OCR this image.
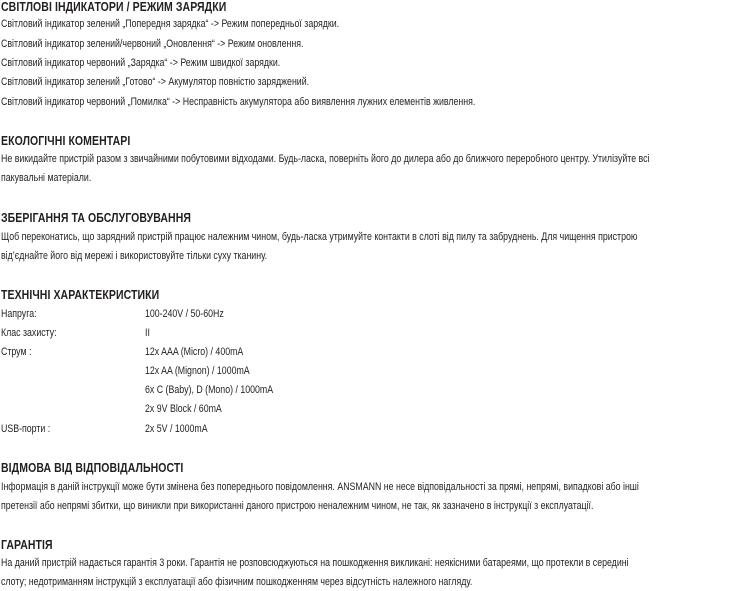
СВІТЛОВІ ІНДИКАТОРИ / РЕЖИМ ЗАРЯДКИ
Світловий індикатор зелений „Попередня зарядка“ -> Режим попередньої зарядки.
Світловий індикатор зелений/червоний „Оновлення“ -> Режим оновлення.
Світловий індикатор червоний „Зарядка“ -> Режим швидкої зарядки.
Світловий індикатор зелений „Готово“ -> Акумулятор повністю заряджений.
Світловий індикатор червоний „Помилка“ -> Несправність акумулятора або виявлення лужних елементів живлення.
ЕКОЛОГІЧНІ КОМЕНТАРІ
Не викидайте пристрій разом з звичайними побутовими відходами. Будь-ласка, поверніть його до дилера або до ближчого переробного центру. Утилізуйте всі
пакувальні матеріали.
ЗБЕРІГАННЯ ТА ОБСЛУГОВУВАННЯ
Щоб переконатись, що зарядний пристрій працює належним чином, будь-ласка утримуйте контакти в слоті від пилу та забруднень. Для чищення пристрою
від’єднайте його від мережі і використовуйте тільки суху тканину.
ТЕХНІЧНІ ХАРАКТЕКРИСТИКИ
Напруга:	100-240V / 50-60Hz
Клас захисту:	II
Струм :	12x AAA (Micro) / 400mA
12x AA (Mignon) / 1000mA
6x C (Baby), D (Mono) / 1000mA
2x 9V Block / 60mA
USB-порти :	2x 5V / 1000mA
ВІДМОВА ВІД ВІДПОВІДАЛЬНОСТІ
Інформація в даній інструкції може бути змінена без попереднього повідомлення. ANSMANN не несе відповідальності за прямі, непрямі, випадкові або інші
претензії або непрямі збитки, що виникли при використанні даного пристрою неналежним чином, не так, як зазначено в інструкції з експлуатації.
ГАРАНТІЯ
На даний пристрій надається гарантія 3 роки. Гарантія не розповсюджуються на пошкодження викликані: неякісними батареями, що протекли в середині
слоту; недотриманням інструкцій з експлуатації або фізичним пошкодженням через відсутність належного нагляду.
